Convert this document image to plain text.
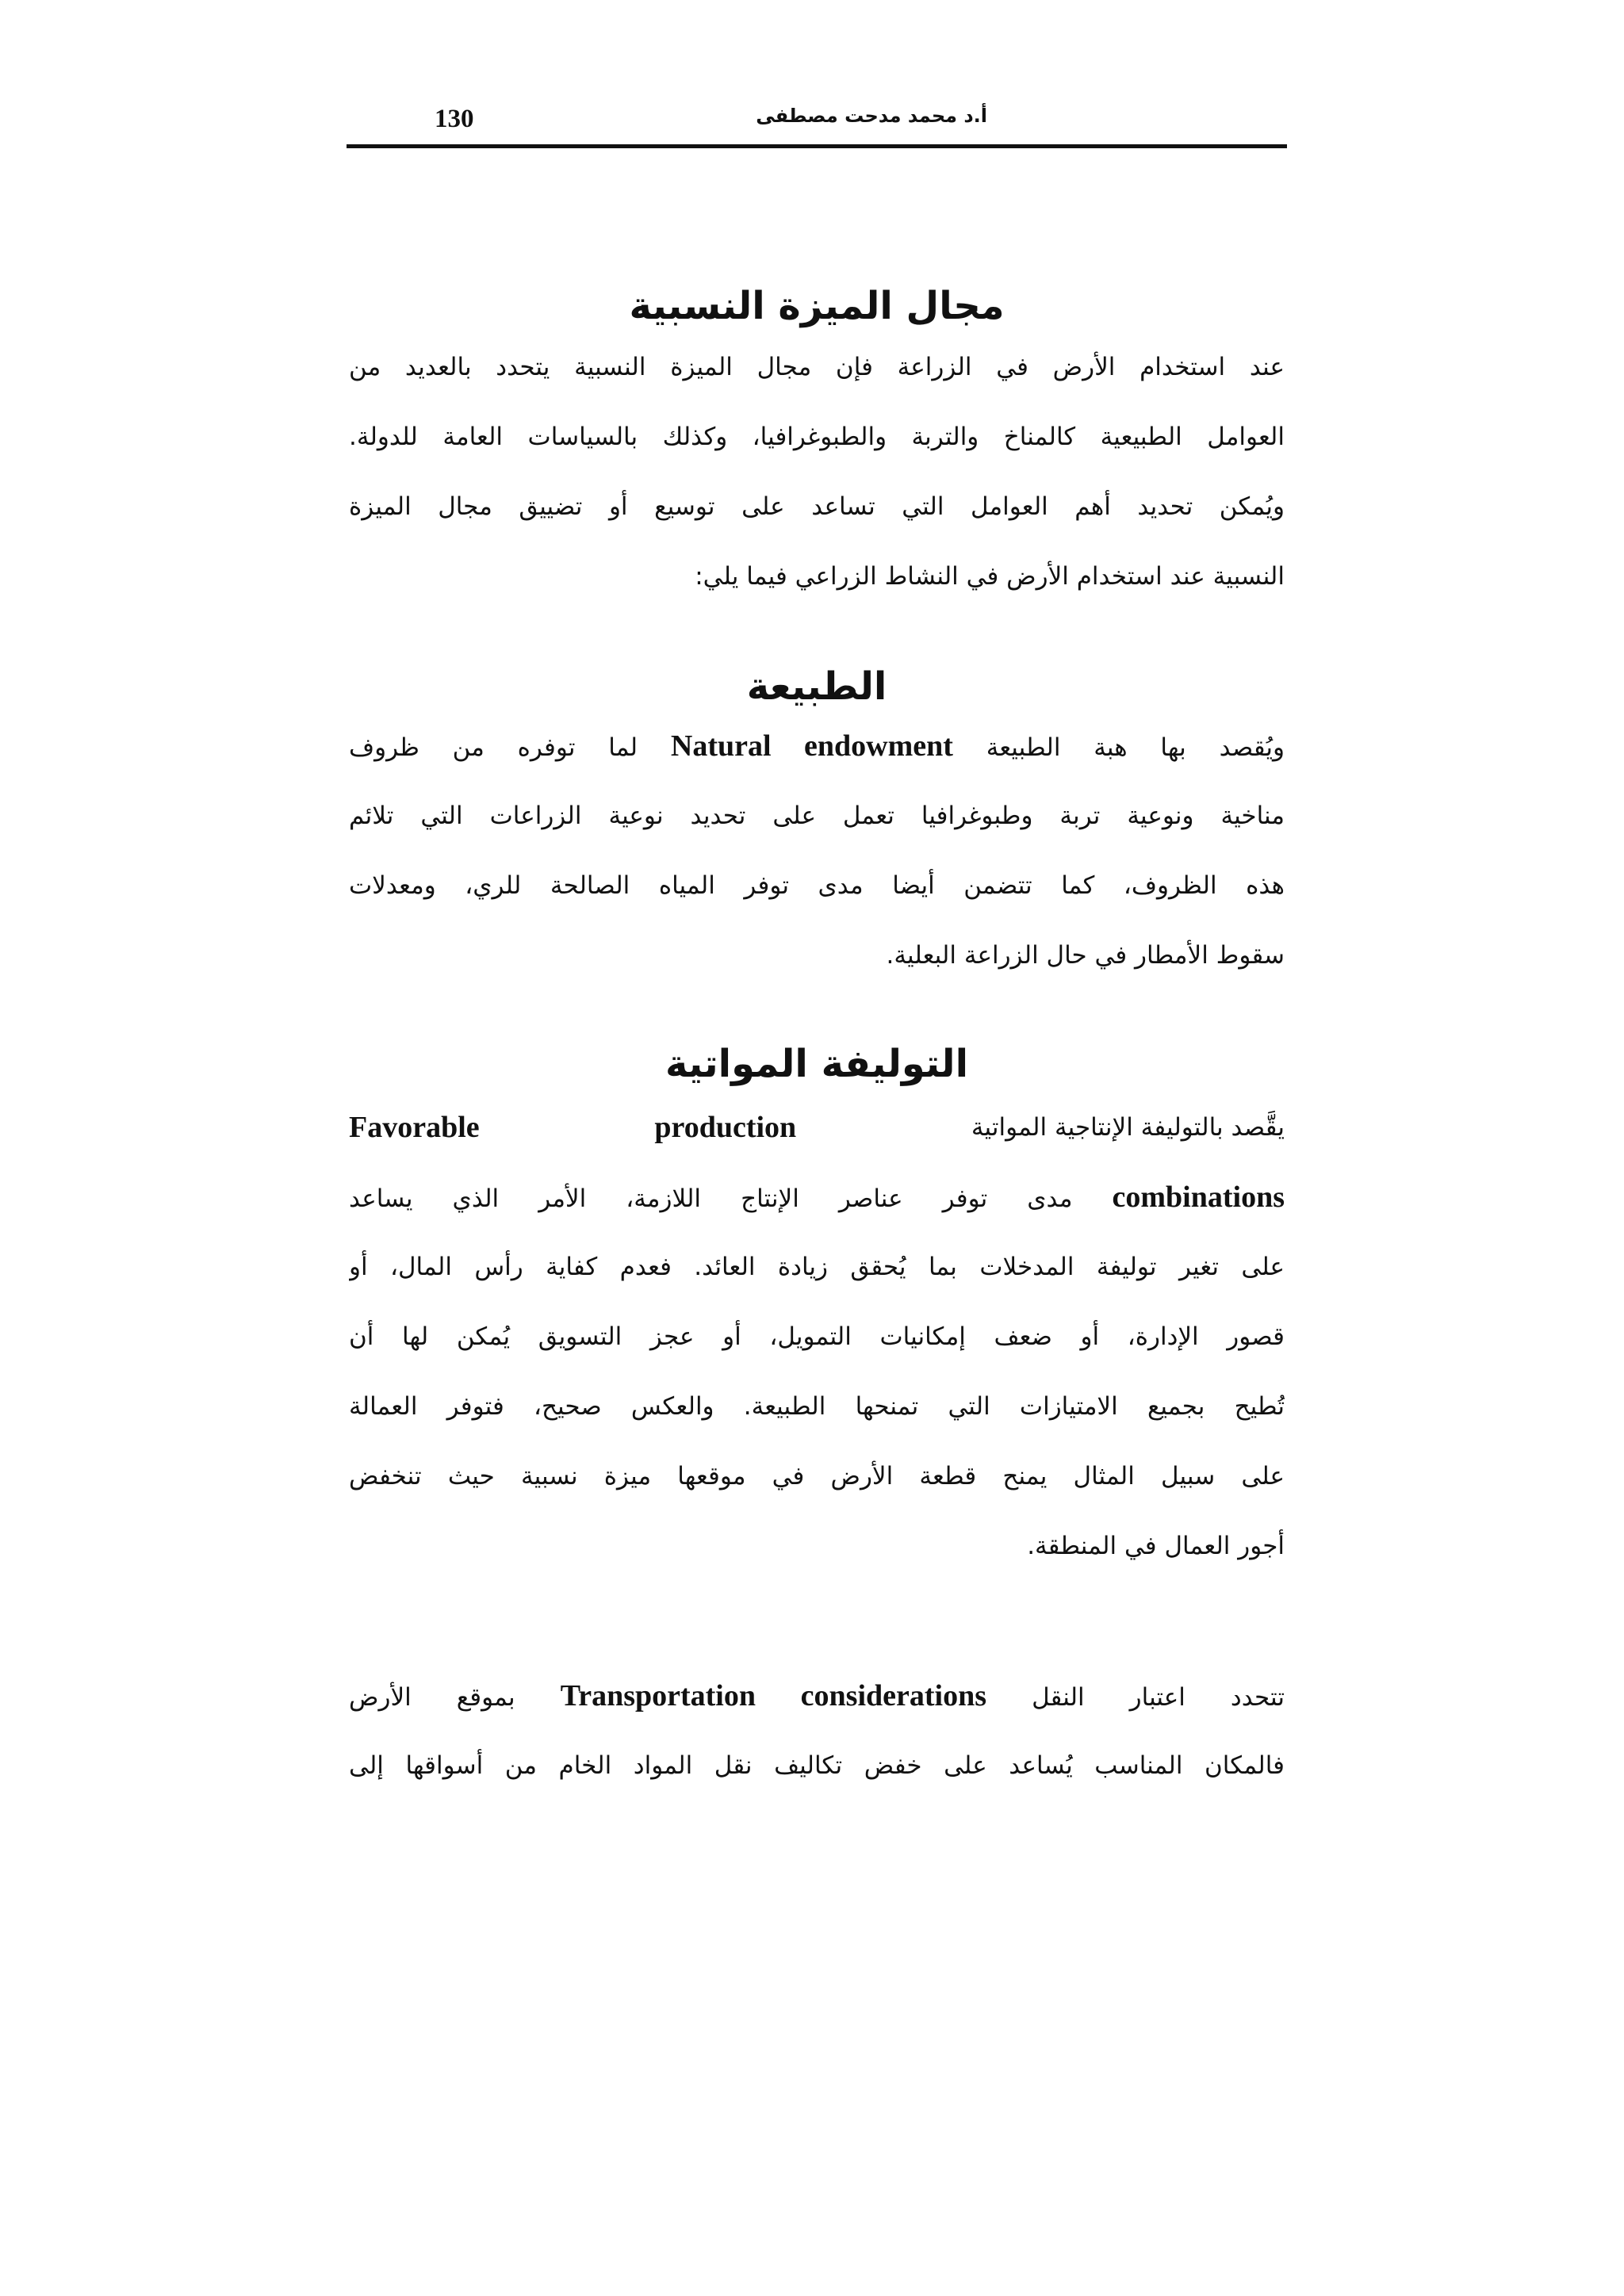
130	أ.د محمد مدحت مصطفى
مجال الميزة النسبية
عند استخدام الأرض في الزراعة فإن مجال الميزة النسبية يتحدد بالعديد من
العوامل الطبيعية كالمناخ والتربة والطبوغرافيا، وكذلك بالسياسات العامة للدولة.
ويُمكن تحديد أهم العوامل التي تساعد على توسيع أو تضييق مجال الميزة
النسبية عند استخدام الأرض في النشاط الزراعي فيما يلي:
الطبيعة
ويُقصد بها هبة الطبيعة Natural endowment لما توفره من ظروف
مناخية ونوعية تربة وطبوغرافيا تعمل على تحديد نوعية الزراعات التي تلائم
هذه الظروف، كما تتضمن أيضا مدى توفر المياه الصالحة للري، ومعدلات
سقوط الأمطار في حال الزراعة البعلية.
التوليفة المواتية
يقَّصد بالتوليفة الإنتاجية المواتية
production
Favorable
combinations مدى توفر عناصر الإنتاج اللازمة، الأمر الذي يساعد
على تغير توليفة المدخلات بما يُحقق زيادة العائد. فعدم كفاية رأس المال، أو
قصور الإدارة، أو ضعف إمكانيات التمويل، أو عجز التسويق يُمكن لها أن
تُطيح بجميع الامتيازات التي تمنحها الطبيعة. والعكس صحيح، فتوفر العمالة
على سبيل المثال يمنح قطعة الأرض في موقعها ميزة نسبية حيث تنخفض
أجور العمال في المنطقة.
تتحدد اعتبار النقل Transportation considerations بموقع الأرض
فالمكان المناسب يُساعد على خفض تكاليف نقل المواد الخام من أسواقها إلى
